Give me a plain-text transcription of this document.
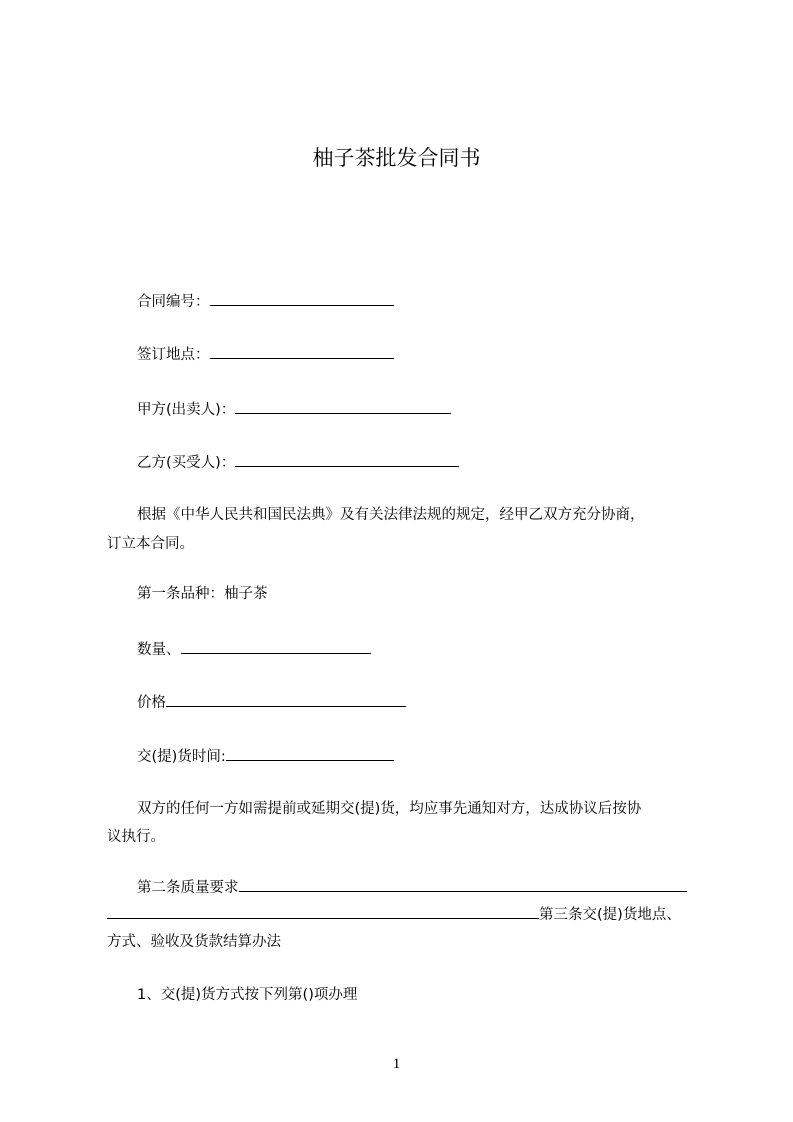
柚子茶批发合同书
合同编号：
签订地点：
甲方(出卖人)：
乙方(买受人)：
根据《中华人民共和国民法典》及有关法律法规的规定，经甲乙双方充分协商，
订立本合同。
第一条品种：柚子茶
数量、
价格
交(提)货时间:
双方的任何一方如需提前或延期交(提)货，均应事先通知对方，达成协议后按协
议执行。
第二条质量要求
第三条交(提)货地点、
方式、验收及货款结算办法
1、交(提)货方式按下列第()项办理
1
